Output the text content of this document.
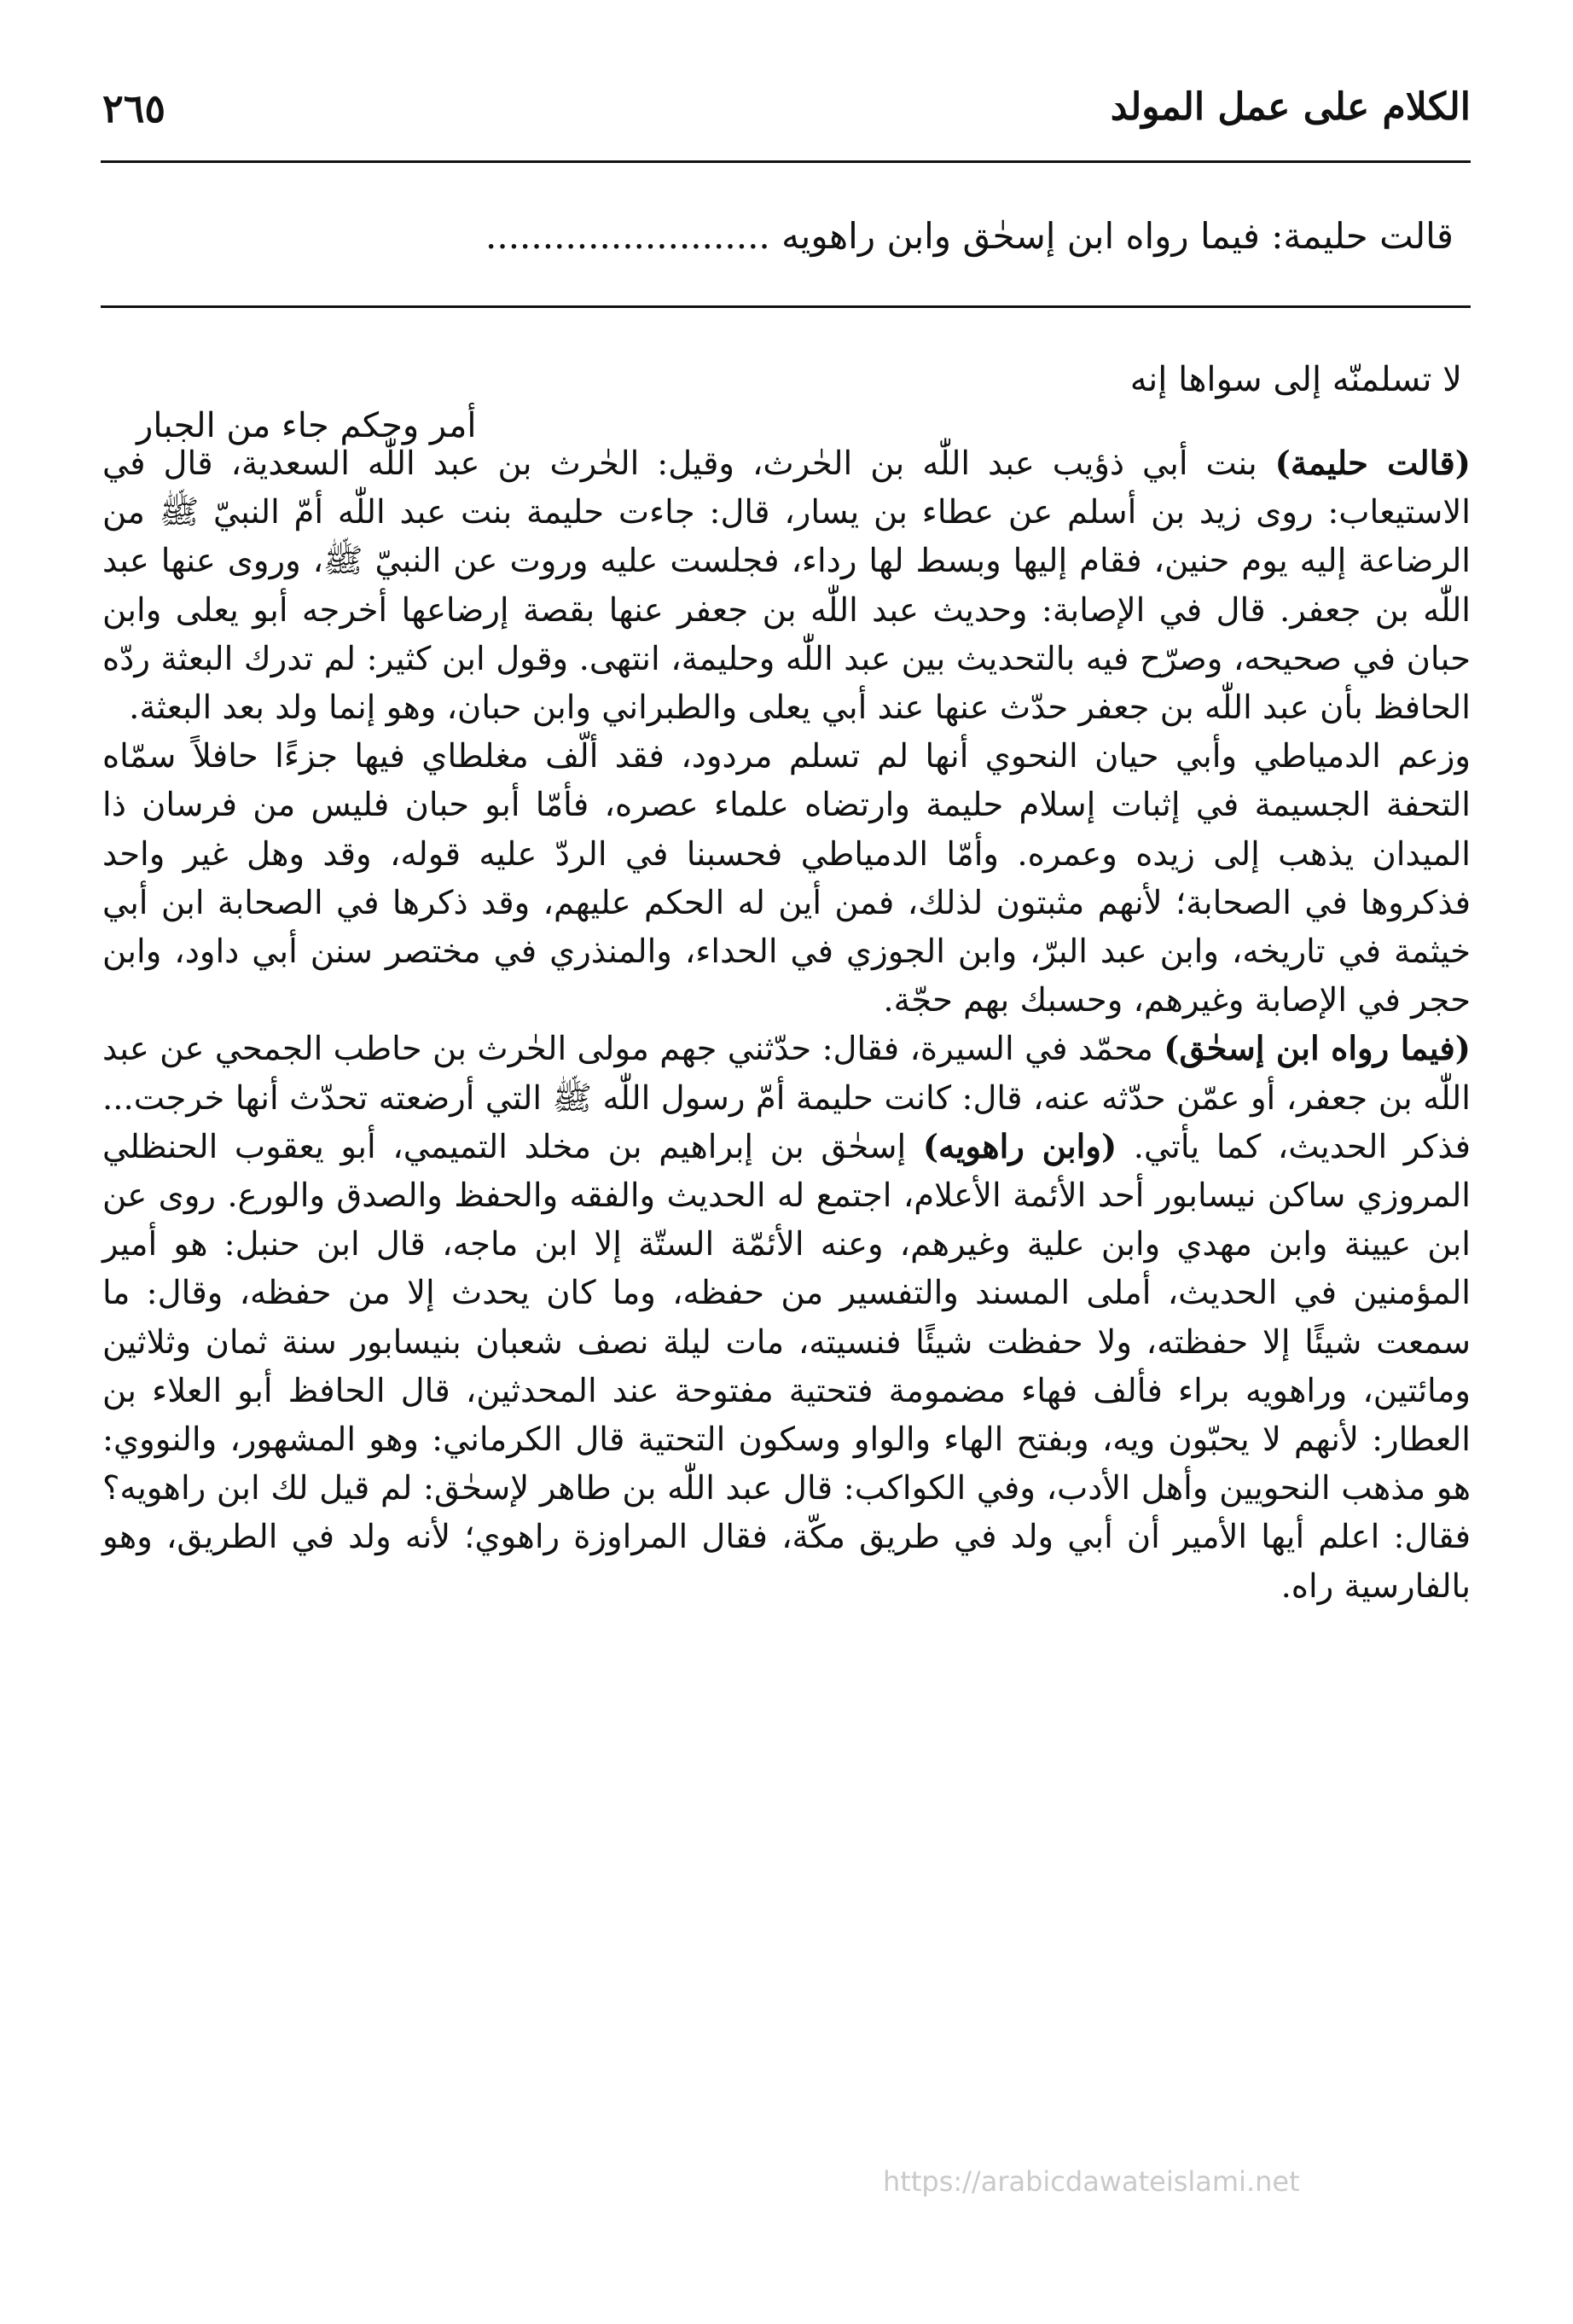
الكلام على عمل المولد
٢٦٥
قالت حليمة: فيما رواه ابن إسحٰق وابن راهويه .........................
لا تسلمنّه إلى سواها إنه
أمر وحكم جاء من الجبار

(قالت حليمة) بنت أبي ذؤيب عبد اللّٰه بن الحٰرث، وقيل: الحٰرث بن عبد اللّٰه السعدية، قال في الاستيعاب: روى زيد بن أسلم عن عطاء بن يسار، قال: جاءت حليمة بنت عبد اللّٰه أمّ النبيّ ﷺ من الرضاعة إليه يوم حنين، فقام إليها وبسط لها رداء، فجلست عليه وروت عن النبيّ ﷺ، وروى عنها عبد اللّٰه بن جعفر. قال في الإصابة: وحديث عبد اللّٰه بن جعفر عنها بقصة إرضاعها أخرجه أبو يعلى وابن حبان في صحيحه، وصرّح فيه بالتحديث بين عبد اللّٰه وحليمة، انتهى. وقول ابن كثير: لم تدرك البعثة ردّه الحافظ بأن عبد اللّٰه بن جعفر حدّث عنها عند أبي يعلى والطبراني وابن حبان، وهو إنما ولد بعد البعثة.

وزعم الدمياطي وأبي حيان النحوي أنها لم تسلم مردود، فقد ألّف مغلطاي فيها جزءًا حافلاً سمّاه التحفة الجسيمة في إثبات إسلام حليمة وارتضاه علماء عصره، فأمّا أبو حبان فليس من فرسان ذا الميدان يذهب إلى زيده وعمره. وأمّا الدمياطي فحسبنا في الردّ عليه قوله، وقد وهل غير واحد فذكروها في الصحابة؛ لأنهم مثبتون لذلك، فمن أين له الحكم عليهم، وقد ذكرها في الصحابة ابن أبي خيثمة في تاريخه، وابن عبد البرّ، وابن الجوزي في الحداء، والمنذري في مختصر سنن أبي داود، وابن حجر في الإصابة وغيرهم، وحسبك بهم حجّة.

(فيما رواه ابن إسحٰق) محمّد في السيرة، فقال: حدّثني جهم مولى الحٰرث بن حاطب الجمحي عن عبد اللّٰه بن جعفر، أو عمّن حدّثه عنه، قال: كانت حليمة أمّ رسول اللّٰه ﷺ التي أرضعته تحدّث أنها خرجت... فذكر الحديث، كما يأتي. (وابن راهويه) إسحٰق بن إبراهيم بن مخلد التميمي، أبو يعقوب الحنظلي المروزي ساكن نيسابور أحد الأئمة الأعلام، اجتمع له الحديث والفقه والحفظ والصدق والورع. روى عن ابن عيينة وابن مهدي وابن علية وغيرهم، وعنه الأئمّة الستّة إلا ابن ماجه، قال ابن حنبل: هو أمير المؤمنين في الحديث، أملى المسند والتفسير من حفظه، وما كان يحدث إلا من حفظه، وقال: ما سمعت شيئًا إلا حفظته، ولا حفظت شيئًا فنسيته، مات ليلة نصف شعبان بنيسابور سنة ثمان وثلاثين ومائتين، وراهويه براء فألف فهاء مضمومة فتحتية مفتوحة عند المحدثين، قال الحافظ أبو العلاء بن العطار: لأنهم لا يحبّون ويه، وبفتح الهاء والواو وسكون التحتية قال الكرماني: وهو المشهور، والنووي: هو مذهب النحويين وأهل الأدب، وفي الكواكب: قال عبد اللّٰه بن طاهر لإسحٰق: لم قيل لك ابن راهويه؟ فقال: اعلم أيها الأمير أن أبي ولد في طريق مكّة، فقال المراوزة راهوي؛ لأنه ولد في الطريق، وهو بالفارسية راه.

https://arabicdawateislami.net
